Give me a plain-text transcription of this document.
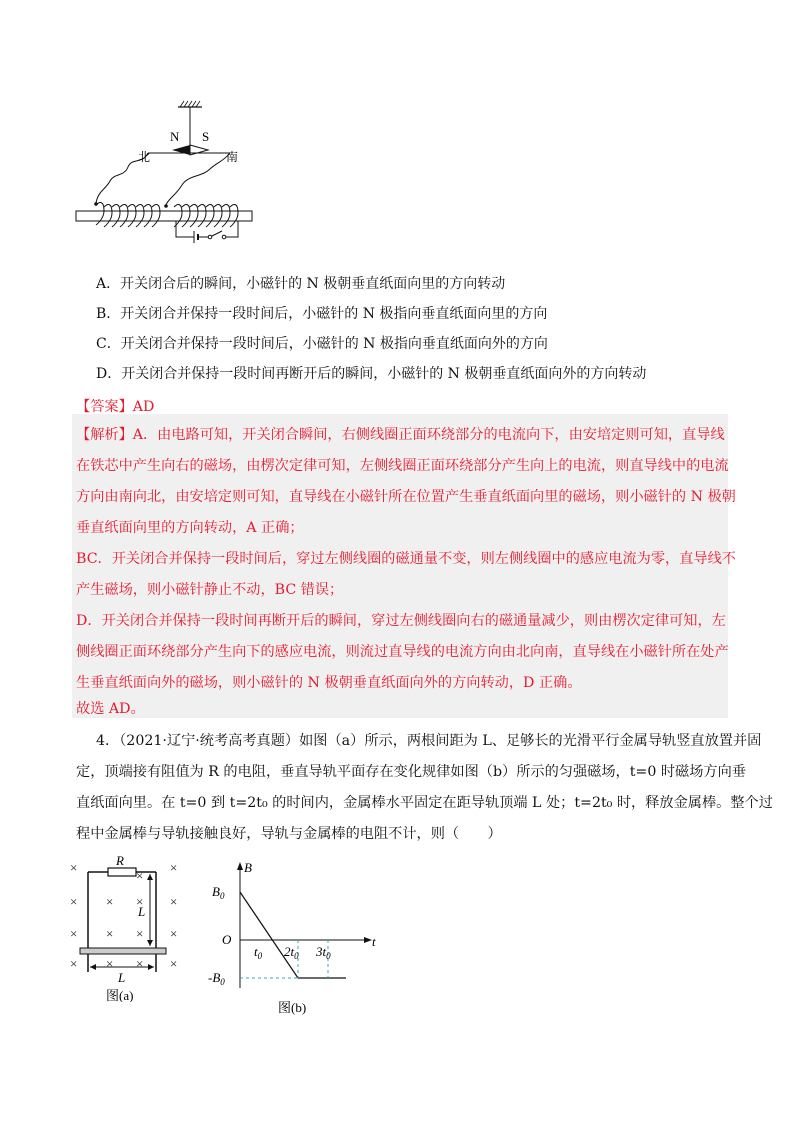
N S
北	南
A．开关闭合后的瞬间，小磁针的 N 极朝垂直纸面向里的方向转动
B．开关闭合并保持一段时间后，小磁针的 N 极指向垂直纸面向里的方向
C．开关闭合并保持一段时间后，小磁针的 N 极指向垂直纸面向外的方向
D．开关闭合并保持一段时间再断开后的瞬间，小磁针的 N 极朝垂直纸面向外的方向转动
【答案】AD
【解析】A．由电路可知，开关闭合瞬间，右侧线圈正面环绕部分的电流向下，由安培定则可知，直导线
在铁芯中产生向右的磁场，由楞次定律可知，左侧线圈正面环绕部分产生向上的电流，则直导线中的电流
方向由南向北，由安培定则可知，直导线在小磁针所在位置产生垂直纸面向里的磁场，则小磁针的 N 极朝
垂直纸面向里的方向转动，A 正确；
BC．开关闭合并保持一段时间后，穿过左侧线圈的磁通量不变，则左侧线圈中的感应电流为零，直导线不
产生磁场，则小磁针静止不动，BC 错误；
D．开关闭合并保持一段时间再断开后的瞬间，穿过左侧线圈向右的磁通量减少，则由楞次定律可知，左
侧线圈正面环绕部分产生向下的感应电流，则流过直导线的电流方向由北向南，直导线在小磁针所在处产
生垂直纸面向外的磁场，则小磁针的 N 极朝垂直纸面向外的方向转动，D 正确。
故选 AD。
4．（2021·辽宁·统考高考真题）如图（a）所示，两根间距为 L、足够长的光滑平行金属导轨竖直放置并固
定，顶端接有阻值为 R 的电阻，垂直导轨平面存在变化规律如图（b）所示的匀强磁场，t=0 时磁场方向垂
直纸面向里。在 t=0 到 t=2t₀ 的时间内，金属棒水平固定在距导轨顶端 L 处；t=2t₀ 时，释放金属棒。整个过
程中金属棒与导轨接触良好，导轨与金属棒的电阻不计，则（　　）
×
×
×
×
×
×
×
×
× ×
× ×
× ×
×
R
L
L
图(a)
B
t
O
$B_0$
$-B_0$
$t_0$ $2t_0$ $3t_0$
图(b)
